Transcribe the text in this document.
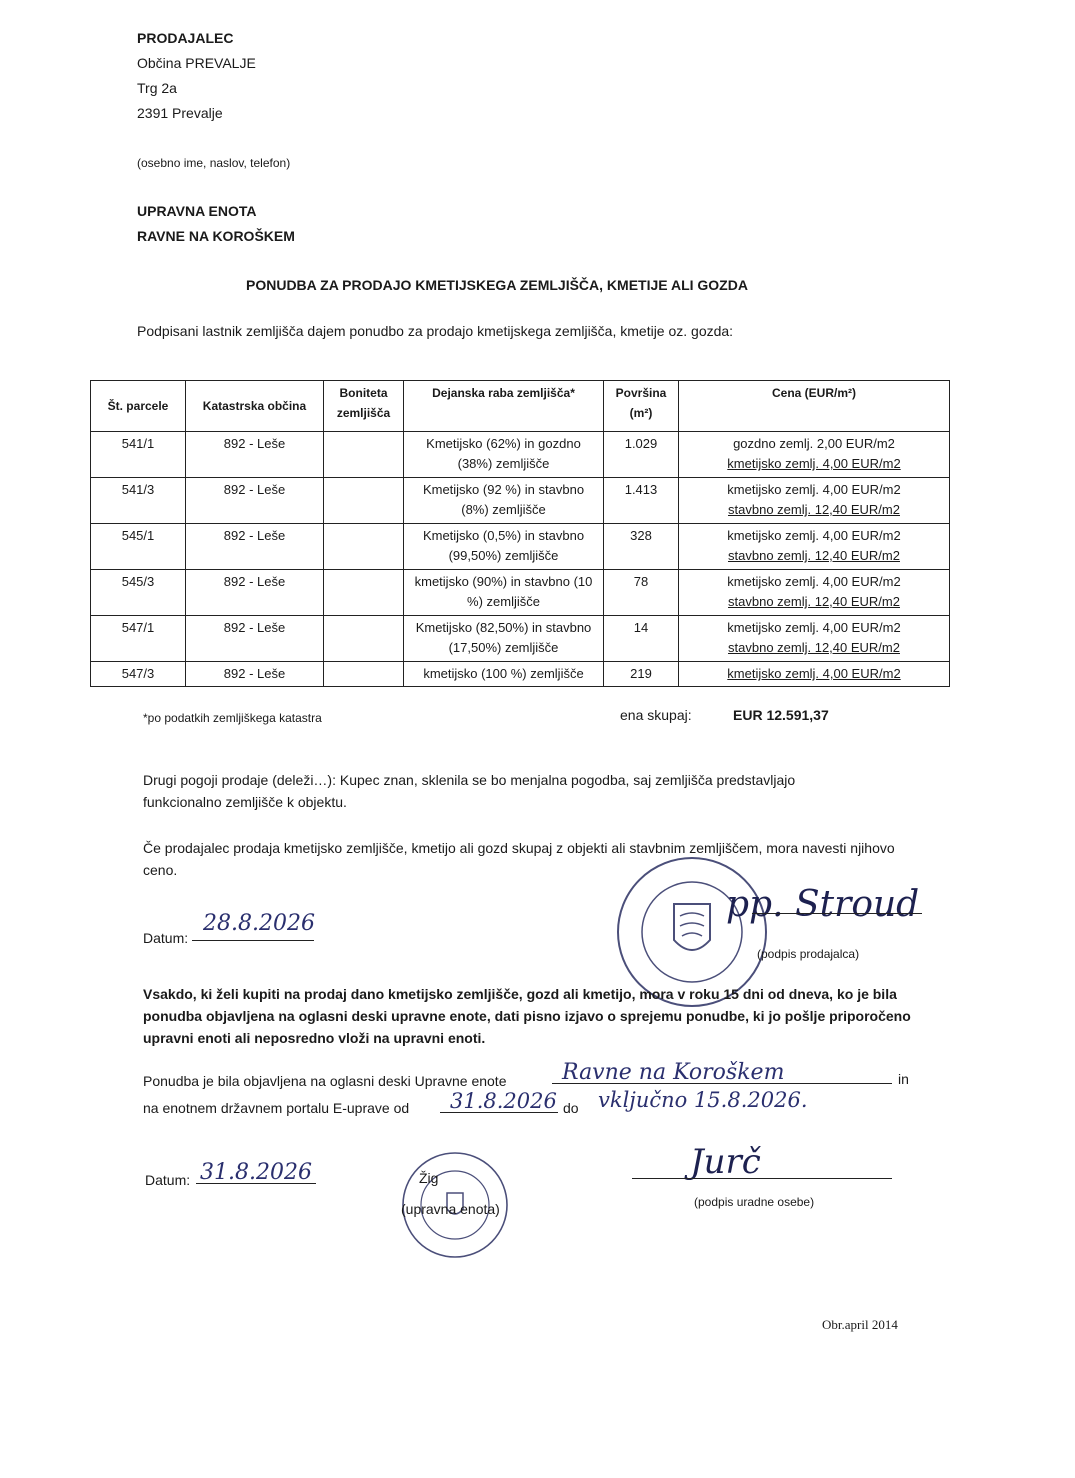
PRODAJALEC
Občina PREVALJE
Trg 2a
2391 Prevalje
(osebno ime, naslov, telefon)
UPRAVNA ENOTA
RAVNE NA KOROŠKEM
PONUDBA ZA PRODAJO KMETIJSKEGA ZEMLJIŠČA, KMETIJE ALI GOZDA
Podpisani lastnik zemljišča dajem ponudbo za prodajo kmetijskega zemljišča, kmetije oz. gozda:
Št. parcele	Katastrska občina	Boniteta zemljišča	Dejanska raba zemljišča*	Površina (m²)	Cena (EUR/m²)
541/1	892 - Leše		Kmetijsko (62%) in gozdno (38%) zemljišče	1.029	gozdno zemlj. 2,00 EUR/m2
kmetijsko zemlj. 4,00 EUR/m2

541/3	892 - Leše		Kmetijsko (92 %) in stavbno (8%) zemljišče	1.413	kmetijsko zemlj. 4,00 EUR/m2
stavbno zemlj. 12,40 EUR/m2

545/1	892 - Leše		Kmetijsko (0,5%) in stavbno (99,50%) zemljišče	328	kmetijsko zemlj. 4,00 EUR/m2
stavbno zemlj. 12,40 EUR/m2

545/3	892 - Leše		kmetijsko (90%) in stavbno (10 %) zemljišče	78	kmetijsko zemlj. 4,00 EUR/m2
stavbno zemlj. 12,40 EUR/m2

547/1	892 - Leše		Kmetijsko (82,50%) in stavbno (17,50%) zemljišče	14	kmetijsko zemlj. 4,00 EUR/m2
stavbno zemlj. 12,40 EUR/m2

547/3	892 - Leše		kmetijsko (100 %) zemljišče	219	kmetijsko zemlj. 4,00 EUR/m2
*po podatkih zemljiškega katastra	ena skupaj:	EUR 12.591,37
Drugi pogoji prodaje (deleži…): Kupec znan, sklenila se bo menjalna pogodba, saj zemljišča predstavljajo funkcionalno zemljišče k objektu.
Če prodajalec prodaja kmetijsko zemljišče, kmetijo ali gozd skupaj z objekti ali stavbnim zemljiščem, mora navesti njihovo ceno.
Datum:
28.8.2026	pp. Stroud
(podpis prodajalca)
Vsakdo, ki želi kupiti na prodaj dano kmetijsko zemljišče, gozd ali kmetijo, mora v roku 15 dni od dneva, ko je bila ponudba objavljena na oglasni deski upravne enote, dati pisno izjavo o sprejemu ponudbe, ki jo pošlje priporočeno upravni enoti ali neposredno vloži na upravni enoti.
Ponudba je bila objavljena na oglasni deski Upravne enote	Ravne na Koroškem	in
na enotnem državnem portalu E-uprave od 31.8.2026 do vključno 15.8.2026.
Datum: 31.8.2026	Žig
(upravna enota)
Jurč
(podpis uradne osebe)
Obr.april 2014
